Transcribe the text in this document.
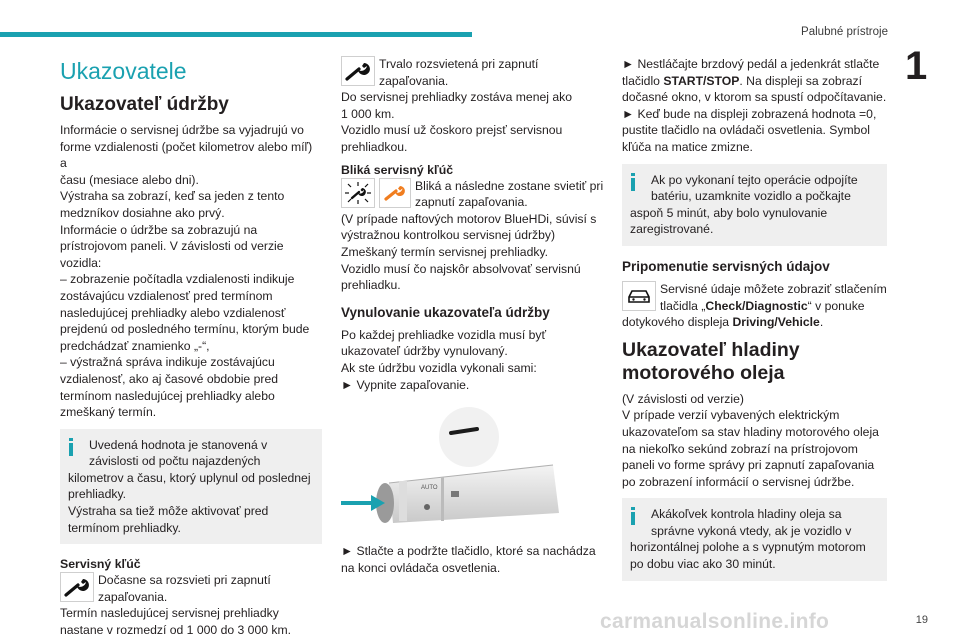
Palubné prístroje
1
Ukazovatele
Ukazovateľ údržby

Informácie o servisnej údržbe sa vyjadrujú vo
forme vzdialenosti (počet kilometrov alebo míľ) a
času (mesiace alebo dni).
Výstraha sa zobrazí, keď sa jeden z tento
medzníkov dosiahne ako prvý.
Informácie o údržbe sa zobrazujú na
prístrojovom paneli. V závislosti od verzie
vozidla:
– zobrazenie počítadla vzdialenosti indikuje
zostávajúcu vzdialenosť pred termínom
nasledujúcej prehliadky alebo vzdialenosť
prejdenú od posledného termínu, ktorým bude
predchádzať znamienko „-“,
– výstražná správa indikuje zostávajúcu
vzdialenosť, ako aj časové obdobie pred
termínom nasledujúcej prehliadky alebo
zmeškaný termín.

Uvedená hodnota je stanovená v
závislosti od počtu najazdených

kilometrov a času, ktorý uplynul od poslednej
prehliadky.
Výstraha sa tiež môže aktivovať pred
termínom prehliadky.

Servisný kľúč

Dočasne sa rozsvieti pri zapnutí
zapaľovania.

Termín nasledujúcej servisnej prehliadky
nastane v rozmedzí od 1 000 do 3 000 km.

Trvalo rozsvietená pri zapnutí
zapaľovania.

Do servisnej prehliadky zostáva menej ako
1 000 km.
Vozidlo musí už čoskoro prejsť servisnou
prehliadkou.

Bliká servisný kľúč

Bliká a následne zostane svietiť pri
zapnutí zapaľovania.

(V prípade naftových motorov BlueHDi, súvisí s
výstražnou kontrolkou servisnej údržby)
Zmeškaný termín servisnej prehliadky.
Vozidlo musí čo najskôr absolvovať servisnú
prehliadku.

Vynulovanie ukazovateľa údržby

Po každej prehliadke vozidla musí byť
ukazovateľ údržby vynulovaný.
Ak ste údržbu vozidla vykonali sami:
► Vypnite zapaľovanie.

AUTO

► Stlačte a podržte tlačidlo, ktoré sa nachádza
na konci ovládača osvetlenia.

► Nestláčajte brzdový pedál a jedenkrát stlačte
tlačidlo START/STOP. Na displeji sa zobrazí
dočasné okno, v ktorom sa spustí odpočítavanie.
► Keď bude na displeji zobrazená hodnota =0,
pustite tlačidlo na ovládači osvetlenia. Symbol
kľúča na matice zmizne.

Ak po vykonaní tejto operácie odpojíte
batériu, uzamknite vozidlo a počkajte

aspoň 5 minút, aby bolo vynulovanie
zaregistrované.

Pripomenutie servisných údajov

Servisné údaje môžete zobraziť stlačením
tlačidla „Check/Diagnostic“ v ponuke

dotykového displeja Driving/Vehicle.

Ukazovateľ hladiny
motorového oleja

(V závislosti od verzie)
V prípade verzií vybavených elektrickým
ukazovateľom sa stav hladiny motorového oleja
na niekoľko sekúnd zobrazí na prístrojovom
paneli vo forme správy pri zapnutí zapaľovania
po zobrazení informácií o servisnej údržbe.

Akákoľvek kontrola hladiny oleja sa
správne vykoná vtedy, ak je vozidlo v

horizontálnej polohe a s vypnutým motorom
po dobu viac ako 30 minút.

carmanualsonline.info	19
